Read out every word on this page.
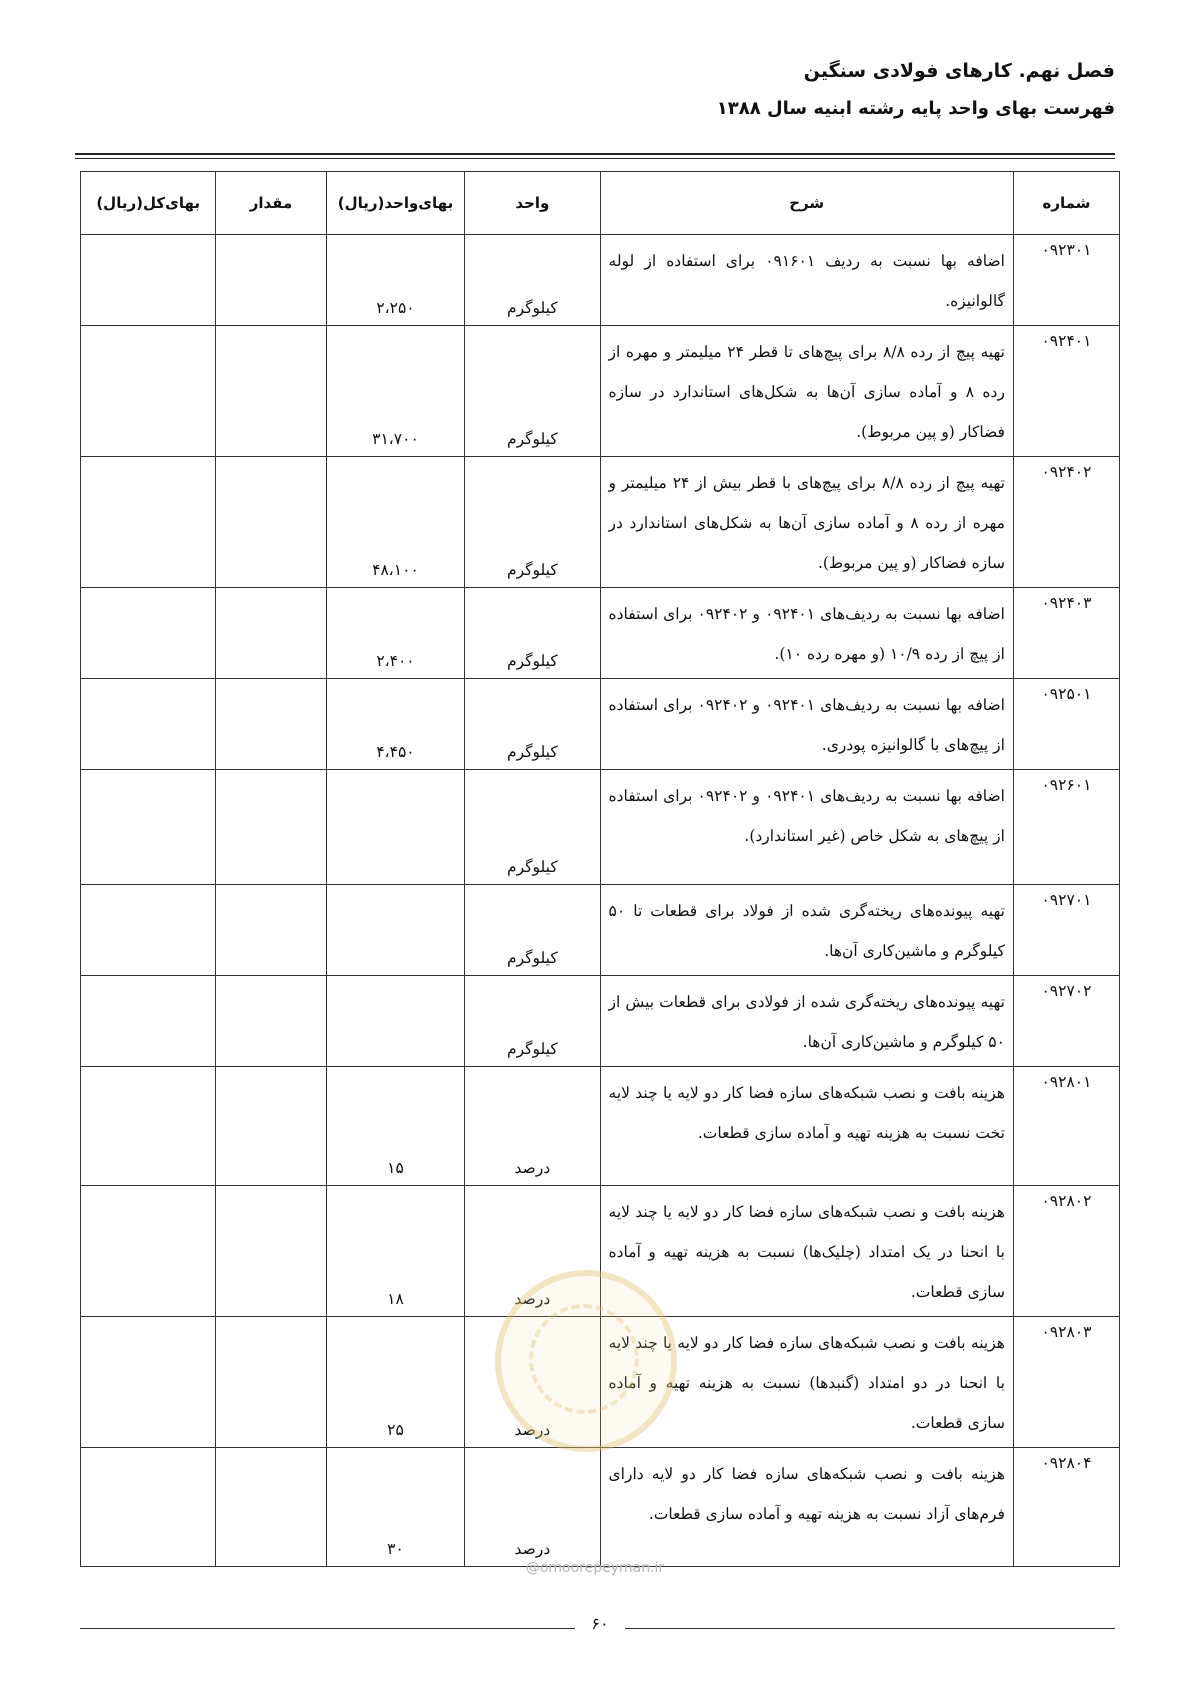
فصل نهم. کارهای فولادی سنگین
فهرست بهای واحد پایه رشته ابنیه سال ۱۳۸۸
شماره	شرح	واحد	بهای‌واحد(ریال)	مقدار	بهای‌کل(ریال)
۰۹۲۳۰۱	اضافه بها نسبت به ردیف ۰۹۱۶۰۱ برای استفاده از لوله گالوانیزه.	کیلوگرم	۲،۲۵۰		
۰۹۲۴۰۱	تهیه پیچ از رده ۸/۸ برای پیچ‌های تا قطر ۲۴ میلیمتر و مهره از رده ۸ و آماده سازی آن‌ها به شکل‌های استاندارد در سازه فضاکار (و پین مربوط).	کیلوگرم	۳۱،۷۰۰		
۰۹۲۴۰۲	تهیه پیچ از رده ۸/۸ برای پیچ‌های با قطر بیش از ۲۴ میلیمتر و مهره از رده ۸ و آماده سازی آن‌ها به شکل‌های استاندارد در سازه فضاکار (و پین مربوط).	کیلوگرم	۴۸،۱۰۰		
۰۹۲۴۰۳	اضافه بها نسبت به ردیف‌های ۰۹۲۴۰۱ و ۰۹۲۴۰۲ برای استفاده از پیچ از رده ۱۰/۹ (و مهره رده ۱۰).	کیلوگرم	۲،۴۰۰		
۰۹۲۵۰۱	اضافه بها نسبت به ردیف‌های ۰۹۲۴۰۱ و ۰۹۲۴۰۲ برای استفاده از پیچ‌های با گالوانیزه پودری.	کیلوگرم	۴،۴۵۰		
۰۹۲۶۰۱	اضافه بها نسبت به ردیف‌های ۰۹۲۴۰۱ و ۰۹۲۴۰۲ برای استفاده از پیچ‌های به شکل خاص (غیر استاندارد).	کیلوگرم			
۰۹۲۷۰۱	تهیه پیونده‌های ریخته‌گری شده از فولاد برای قطعات تا ۵۰ کیلوگرم و ماشین‌کاری آن‌ها.	کیلوگرم			
۰۹۲۷۰۲	تهیه پیونده‌های ریخته‌گری شده از فولادی برای قطعات بیش از ۵۰ کیلوگرم و ماشین‌کاری آن‌ها.	کیلوگرم			
۰۹۲۸۰۱	هزینه بافت و نصب شبکه‌های سازه فضا کار دو لایه یا چند لایه تخت نسبت به هزینه تهیه و آماده سازی قطعات.	درصد	۱۵		
۰۹۲۸۰۲	هزینه بافت و نصب شبکه‌های سازه فضا کار دو لایه یا چند لایه با انحنا در یک امتداد (چلیک‌ها) نسبت به هزینه تهیه و آماده سازی قطعات.	درصد	۱۸		
۰۹۲۸۰۳	هزینه بافت و نصب شبکه‌های سازه فضا کار دو لایه یا چند لایه با انحنا در دو امتداد (گنبدها) نسبت به هزینه تهیه و آماده سازی قطعات.	درصد	۲۵		
۰۹۲۸۰۴	هزینه بافت و نصب شبکه‌های سازه فضا کار دو لایه دارای فرم‌های آزاد نسبت به هزینه تهیه و آماده سازی قطعات.	درصد	۳۰		
@omoorepeyman.ir
۶۰
